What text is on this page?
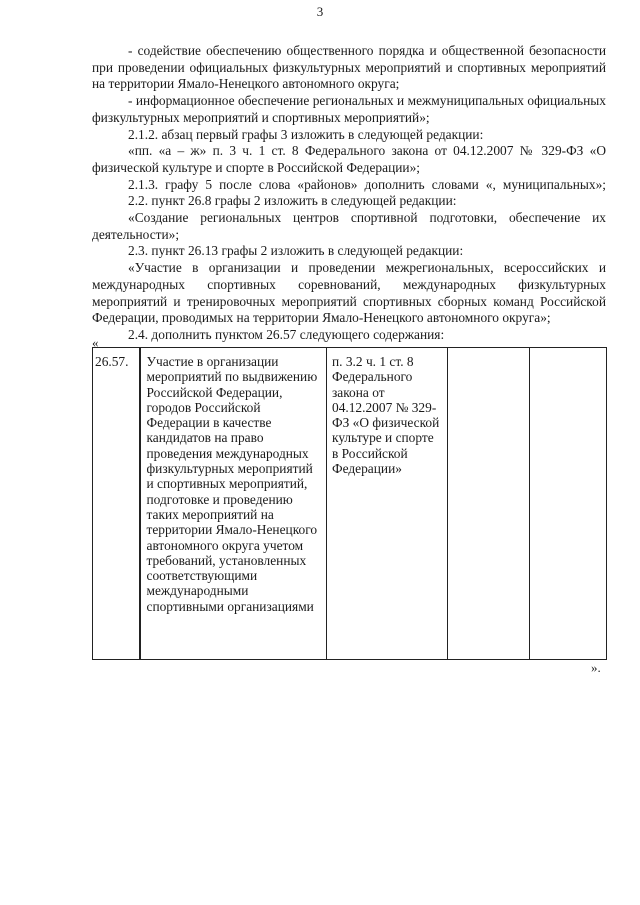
3

- содействие обеспечению общественного порядка и общественной безопасности при проведении официальных физкультурных мероприятий и спортивных мероприятий на территории Ямало-Ненецкого автономного округа;

- информационное обеспечение региональных и межмуниципальных официальных физкультурных мероприятий и спортивных мероприятий»;

2.1.2. абзац первый графы 3 изложить в следующей редакции:

«пп. «а – ж» п. 3 ч. 1 ст. 8 Федерального закона от 04.12.2007 № 329-ФЗ «О физической культуре и спорте в Российской Федерации»;

2.1.3. графу 5 после слова «районов» дополнить словами «, муниципальных»;

2.2. пункт 26.8 графы 2 изложить в следующей редакции:

«Создание региональных центров спортивной подготовки, обеспечение их деятельности»;

2.3. пункт 26.13 графы 2 изложить в следующей редакции:

«Участие в организации и проведении межрегиональных, всероссийских и международных спортивных соревнований, международных физкультурных мероприятий и тренировочных мероприятий спортивных сборных команд Российской Федерации, проводимых на территории Ямало-Ненецкого автономного округа»;

2.4. дополнить пунктом 26.57 следующего содержания:

«
26.57.	Участие в организации мероприятий по выдвижению Российской Федерации, городов Российской Федерации в качестве кандидатов на право проведения международных физкультурных мероприятий и спортивных мероприятий, подготовке и проведению таких мероприятий на территории Ямало-Ненецкого автономного округа учетом требований, установленных соответствующими международными спортивными организациями	п. 3.2 ч. 1 ст. 8 Федерального закона от 04.12.2007 № 329-ФЗ «О физической культуре и спорте в Российской Федерации»		
».
